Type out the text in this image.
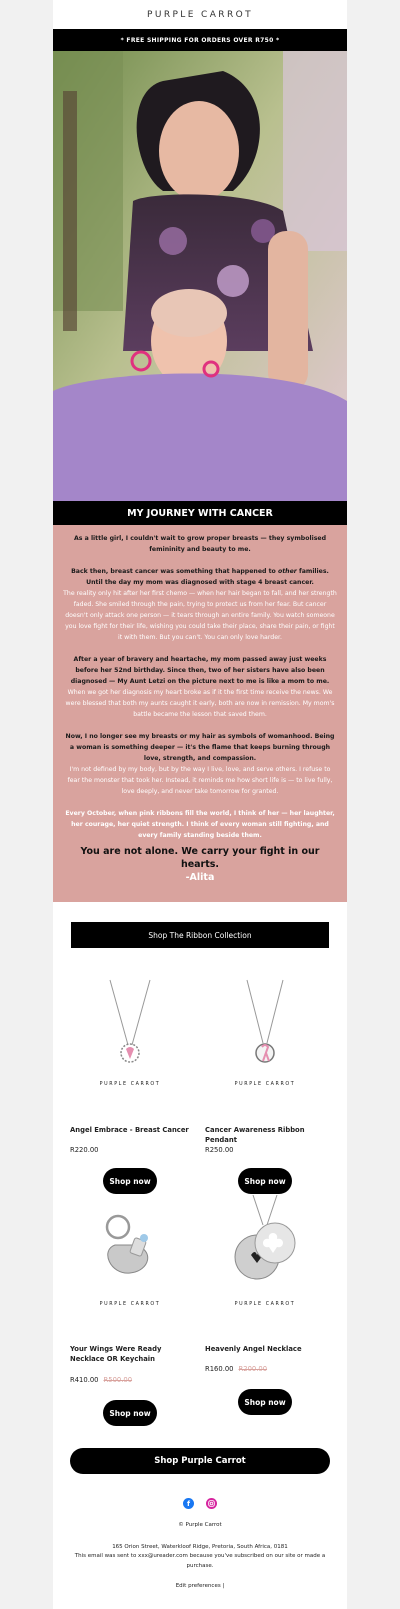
PURPLE CARROT
* FREE SHIPPING FOR ORDERS OVER R750 *
MY JOURNEY WITH CANCER

As a little girl, I couldn't wait to grow proper breasts — they symbolised femininity and beauty to me.

Back then, breast cancer was something that happened to other families. Until the day my mom was diagnosed with stage 4 breast cancer.

The reality only hit after her first chemo — when her hair began to fall, and her strength faded. She smiled through the pain, trying to protect us from her fear. But cancer doesn't only attack one person — it tears through an entire family. You watch someone you love fight for their life, wishing you could take their place, share their pain, or fight it with them. But you can't. You can only love harder.

After a year of bravery and heartache, my mom passed away just weeks before her 52nd birthday. Since then, two of her sisters have also been diagnosed — My Aunt Letzi on the picture next to me is like a mom to me.

When we got her diagnosis my heart broke as if it the first time receive the news. We were blessed that both my aunts caught it early, both are now in remission. My mom's battle became the lesson that saved them.

Now, I no longer see my breasts or my hair as symbols of womanhood. Being a woman is something deeper — it's the flame that keeps burning through love, strength, and compassion.

I'm not defined by my body, but by the way I live, love, and serve others. I refuse to fear the monster that took her. Instead, it reminds me how short life is — to live fully, love deeply, and never take tomorrow for granted.

Every October, when pink ribbons fill the world, I think of her — her laughter, her courage, her quiet strength. I think of every woman still fighting, and every family standing beside them.

You are not alone. We carry your fight in our hearts.
-Alita
Shop The Ribbon Collection
PURPLE CARROT
Angel Embrace - Breast Cancer
R220.00
Shop now
PURPLE CARROT
Cancer Awareness Ribbon Pendant
R250.00
Shop now
PURPLE CARROT
Your Wings Were Ready Necklace OR Keychain
R410.00 R500.00
Shop now
PURPLE CARROT
Heavenly Angel Necklace
R160.00 R200.00
Shop now
Shop Purple Carrot
f
© Purple Carrot
165 Orion Street, Waterkloof Ridge, Pretoria, South Africa, 0181
This email was sent to xxx@ureader.com because you've subscribed on our site or made a purchase.
Edit preferences |
